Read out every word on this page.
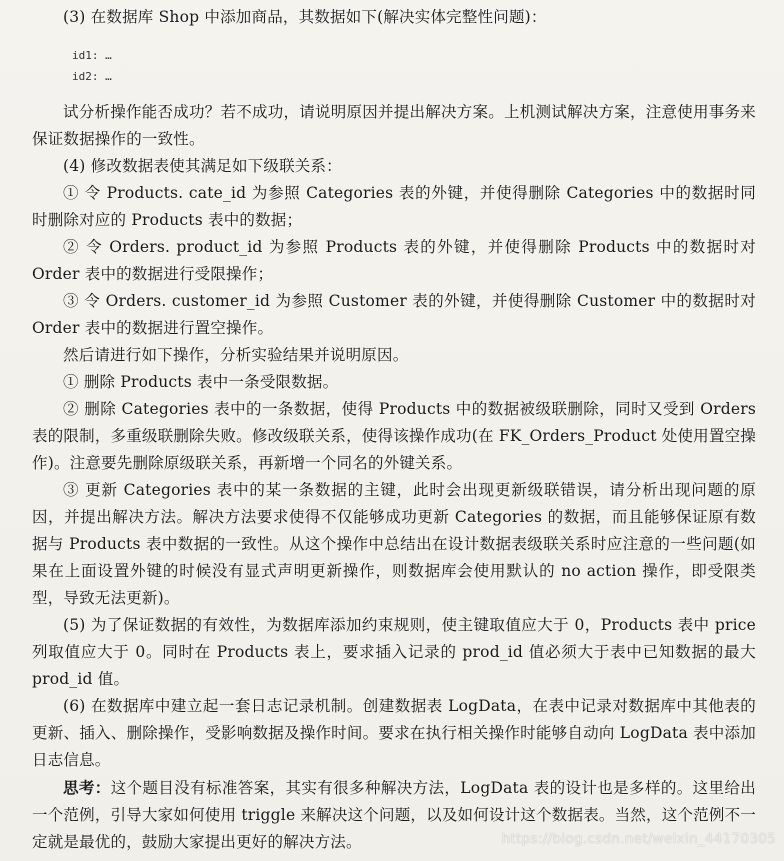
(3) 在数据库 Shop 中添加商品，其数据如下(解决实体完整性问题)：

id1: …
id2: …

试分析操作能否成功？若不成功，请说明原因并提出解决方案。上机测试解决方案，注意使用事务来保证数据操作的一致性。

(4) 修改数据表使其满足如下级联关系：

① 令 Products. cate_id 为参照 Categories 表的外键，并使得删除 Categories 中的数据时同时删除对应的 Products 表中的数据；

② 令 Orders. product_id 为参照 Products 表的外键，并使得删除 Products 中的数据时对 Order 表中的数据进行受限操作；

③ 令 Orders. customer_id 为参照 Customer 表的外键，并使得删除 Customer 中的数据时对 Order 表中的数据进行置空操作。

然后请进行如下操作，分析实验结果并说明原因。

① 删除 Products 表中一条受限数据。

② 删除 Categories 表中的一条数据，使得 Products 中的数据被级联删除，同时又受到 Orders 表的限制，多重级联删除失败。修改级联关系，使得该操作成功(在 FK_Orders_Product 处使用置空操作)。注意要先删除原级联关系，再新增一个同名的外键关系。

③ 更新 Categories 表中的某一条数据的主键，此时会出现更新级联错误，请分析出现问题的原因，并提出解决方法。解决方法要求使得不仅能够成功更新 Categories 的数据，而且能够保证原有数据与 Products 表中数据的一致性。从这个操作中总结出在设计数据表级联关系时应注意的一些问题(如果在上面设置外键的时候没有显式声明更新操作，则数据库会使用默认的 no action 操作，即受限类型，导致无法更新)。

(5) 为了保证数据的有效性，为数据库添加约束规则，使主键取值应大于 0，Products 表中 price 列取值应大于 0。同时在 Products 表上，要求插入记录的 prod_id 值必须大于表中已知数据的最大 prod_id 值。

(6) 在数据库中建立起一套日志记录机制。创建数据表 LogData，在表中记录对数据库中其他表的更新、插入、删除操作，受影响数据及操作时间。要求在执行相关操作时能够自动向 LogData 表中添加日志信息。

思考：这个题目没有标准答案，其实有很多种解决方法，LogData 表的设计也是多样的。这里给出一个范例，引导大家如何使用 triggle 来解决这个问题，以及如何设计这个数据表。当然，这个范例不一定就是最优的，鼓励大家提出更好的解决方法。	https://blog.csdn.net/weixin_44170305
